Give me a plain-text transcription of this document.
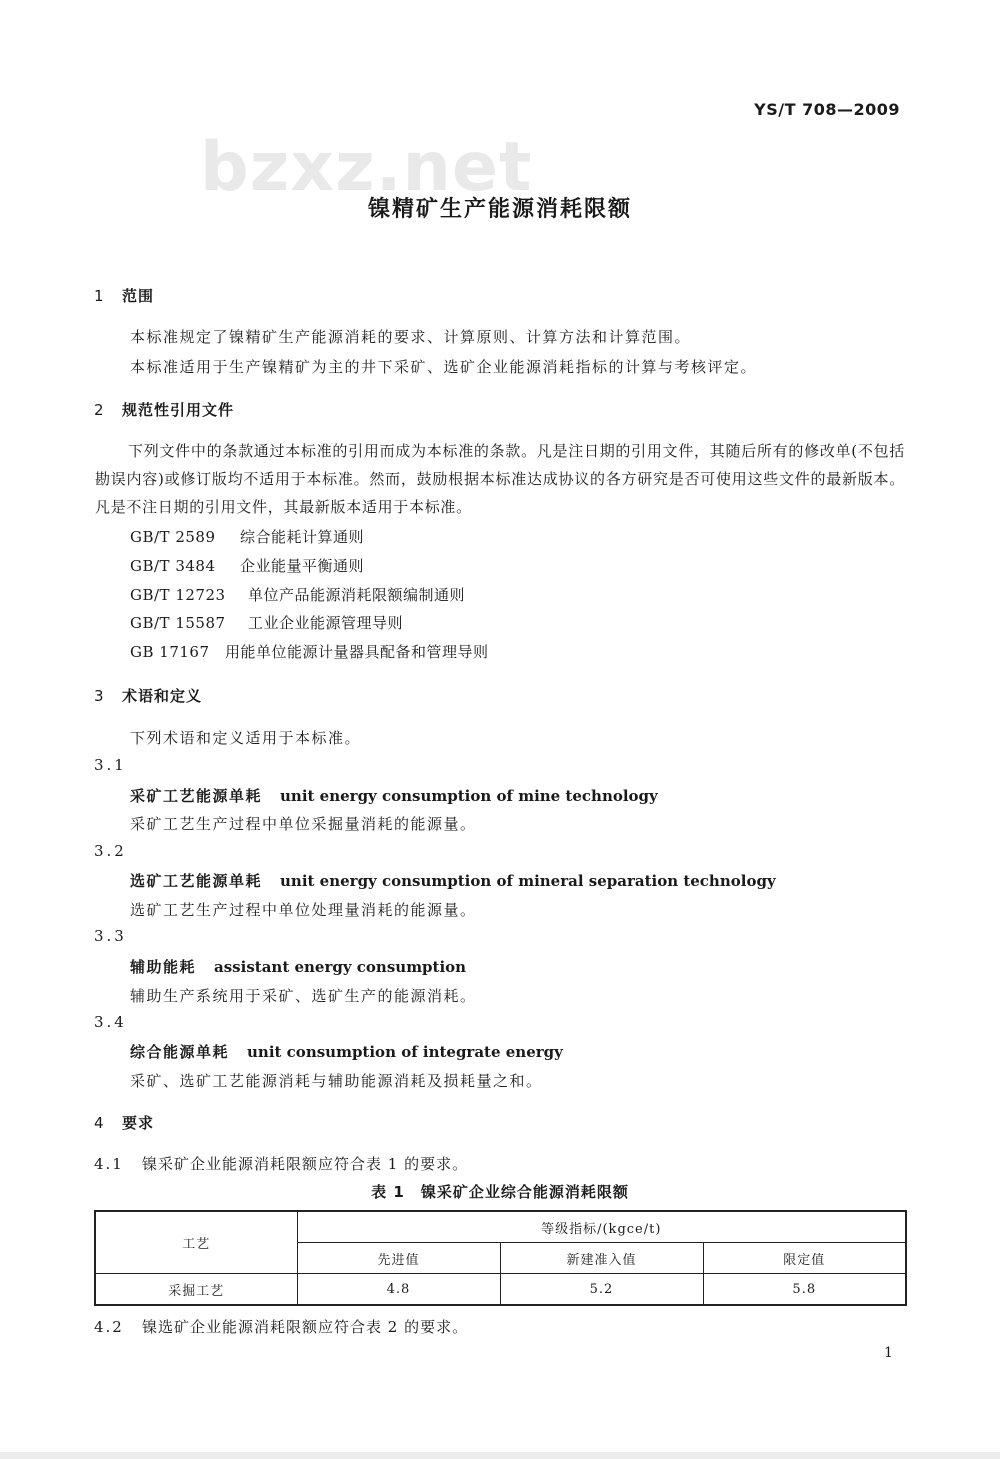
bzxz.net
YS/T 708—2009
镍精矿生产能源消耗限额
1 范围
本标准规定了镍精矿生产能源消耗的要求、计算原则、计算方法和计算范围。
本标准适用于生产镍精矿为主的井下采矿、选矿企业能源消耗指标的计算与考核评定。
2 规范性引用文件
下列文件中的条款通过本标准的引用而成为本标准的条款。凡是注日期的引用文件，其随后所有的修改单(不包括勘误内容)或修订版均不适用于本标准。然而，鼓励根据本标准达成协议的各方研究是否可使用这些文件的最新版本。凡是不注日期的引用文件，其最新版本适用于本标准。
GB/T 2589 综合能耗计算通则
GB/T 3484 企业能量平衡通则
GB/T 12723 单位产品能源消耗限额编制通则
GB/T 15587 工业企业能源管理导则
GB 17167 用能单位能源计量器具配备和管理导则
3 术语和定义
下列术语和定义适用于本标准。
3.1
采矿工艺能源单耗 unit energy consumption of mine technology
采矿工艺生产过程中单位采掘量消耗的能源量。
3.2
选矿工艺能源单耗 unit energy consumption of mineral separation technology
选矿工艺生产过程中单位处理量消耗的能源量。
3.3
辅助能耗 assistant energy consumption
辅助生产系统用于采矿、选矿生产的能源消耗。
3.4
综合能源单耗 unit consumption of integrate energy
采矿、选矿工艺能源消耗与辅助能源消耗及损耗量之和。
4 要求
4.1 镍采矿企业能源消耗限额应符合表 1 的要求。
表 1　镍采矿企业综合能源消耗限额
工艺	等级指标/(kgce/t)		
	先进值	新建准入值	限定值
采掘工艺	4.8	5.2	5.8
4.2 镍选矿企业能源消耗限额应符合表 2 的要求。
1
